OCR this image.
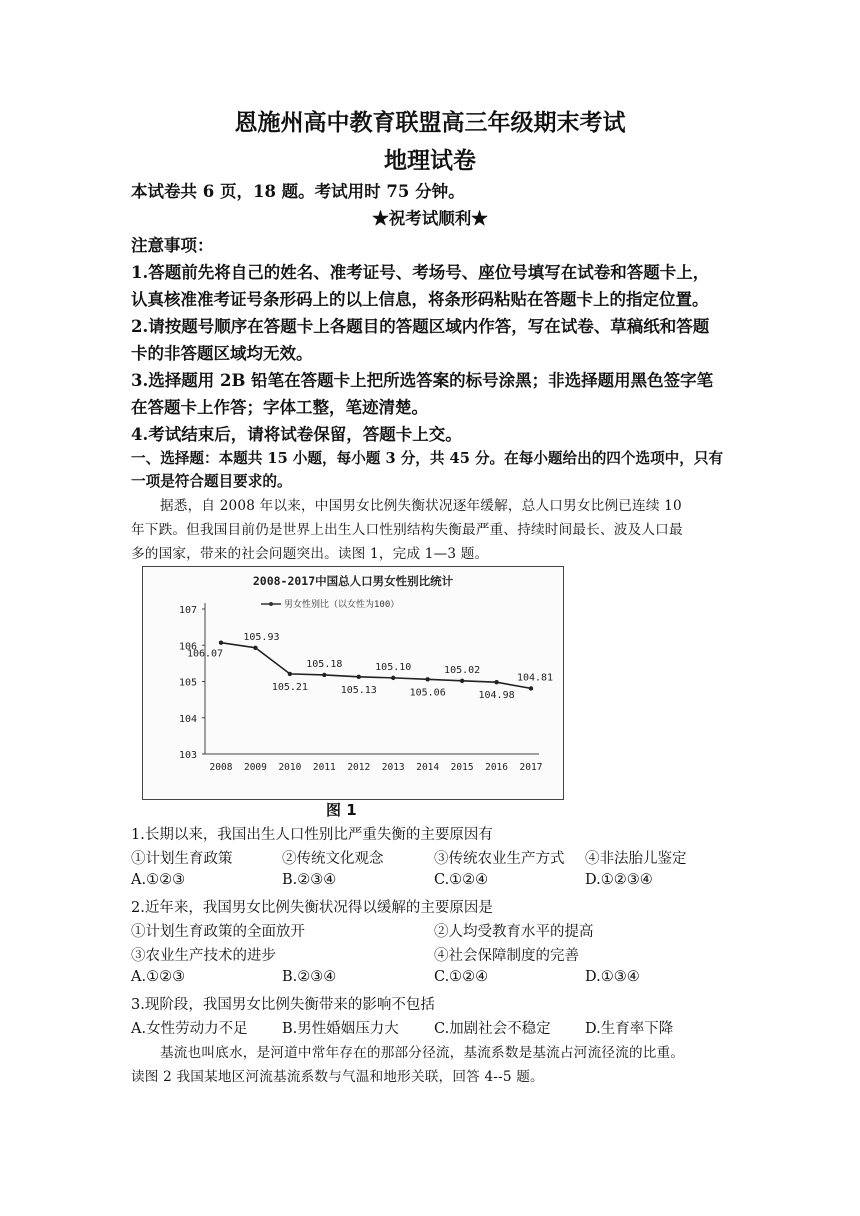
恩施州高中教育联盟高三年级期末考试
地理试卷
本试卷共 6 页，18 题。考试用时 75 分钟。
★祝考试顺利★
注意事项：
1.答题前先将自己的姓名、准考证号、考场号、座位号填写在试卷和答题卡上，
认真核准准考证号条形码上的以上信息，将条形码粘贴在答题卡上的指定位置。
2.请按题号顺序在答题卡上各题目的答题区域内作答，写在试卷、草稿纸和答题
卡的非答题区域均无效。
3.选择题用 2B 铅笔在答题卡上把所选答案的标号涂黑；非选择题用黑色签字笔
在答题卡上作答；字体工整，笔迹清楚。
4.考试结束后，请将试卷保留，答题卡上交。
一、选择题：本题共 15 小题，每小题 3 分，共 45 分。在每小题给出的四个选项中，只有
一项是符合题目要求的。
据悉，自 2008 年以来，中国男女比例失衡状况逐年缓解，总人口男女比例已连续 10
年下跌。但我国目前仍是世界上出生人口性别结构失衡最严重、持续时间最长、波及人口最
多的国家，带来的社会问题突出。读图 1，完成 1—3 题。
2008-2017中国总人口男女性别比统计
男女性别比（以女性为100）
107
106
105
104
103
2008 2009 2010 2011 2012 2013 2014 2015 2016 2017
106.07
105.93
105.21
105.18
105.13
105.10
105.06
105.02
104.98
104.81
图 1
1.长期以来，我国出生人口性别比严重失衡的主要原因有
①计划生育政策	②传统文化观念	③传统农业生产方式 ④非法胎儿鉴定
A.①②③	B.②③④	C.①②④	D.①②③④
2.近年来，我国男女比例失衡状况得以缓解的主要原因是
①计划生育政策的全面放开	②人均受教育水平的提高
③农业生产技术的进步	④社会保障制度的完善
A.①②③	B.②③④	C.①②④	D.①③④
3.现阶段，我国男女比例失衡带来的影响不包括
A.女性劳动力不足 B.男性婚姻压力大 C.加剧社会不稳定 D.生育率下降
基流也叫底水，是河道中常年存在的那部分径流，基流系数是基流占河流径流的比重。
读图 2 我国某地区河流基流系数与气温和地形关联，回答 4--5 题。
